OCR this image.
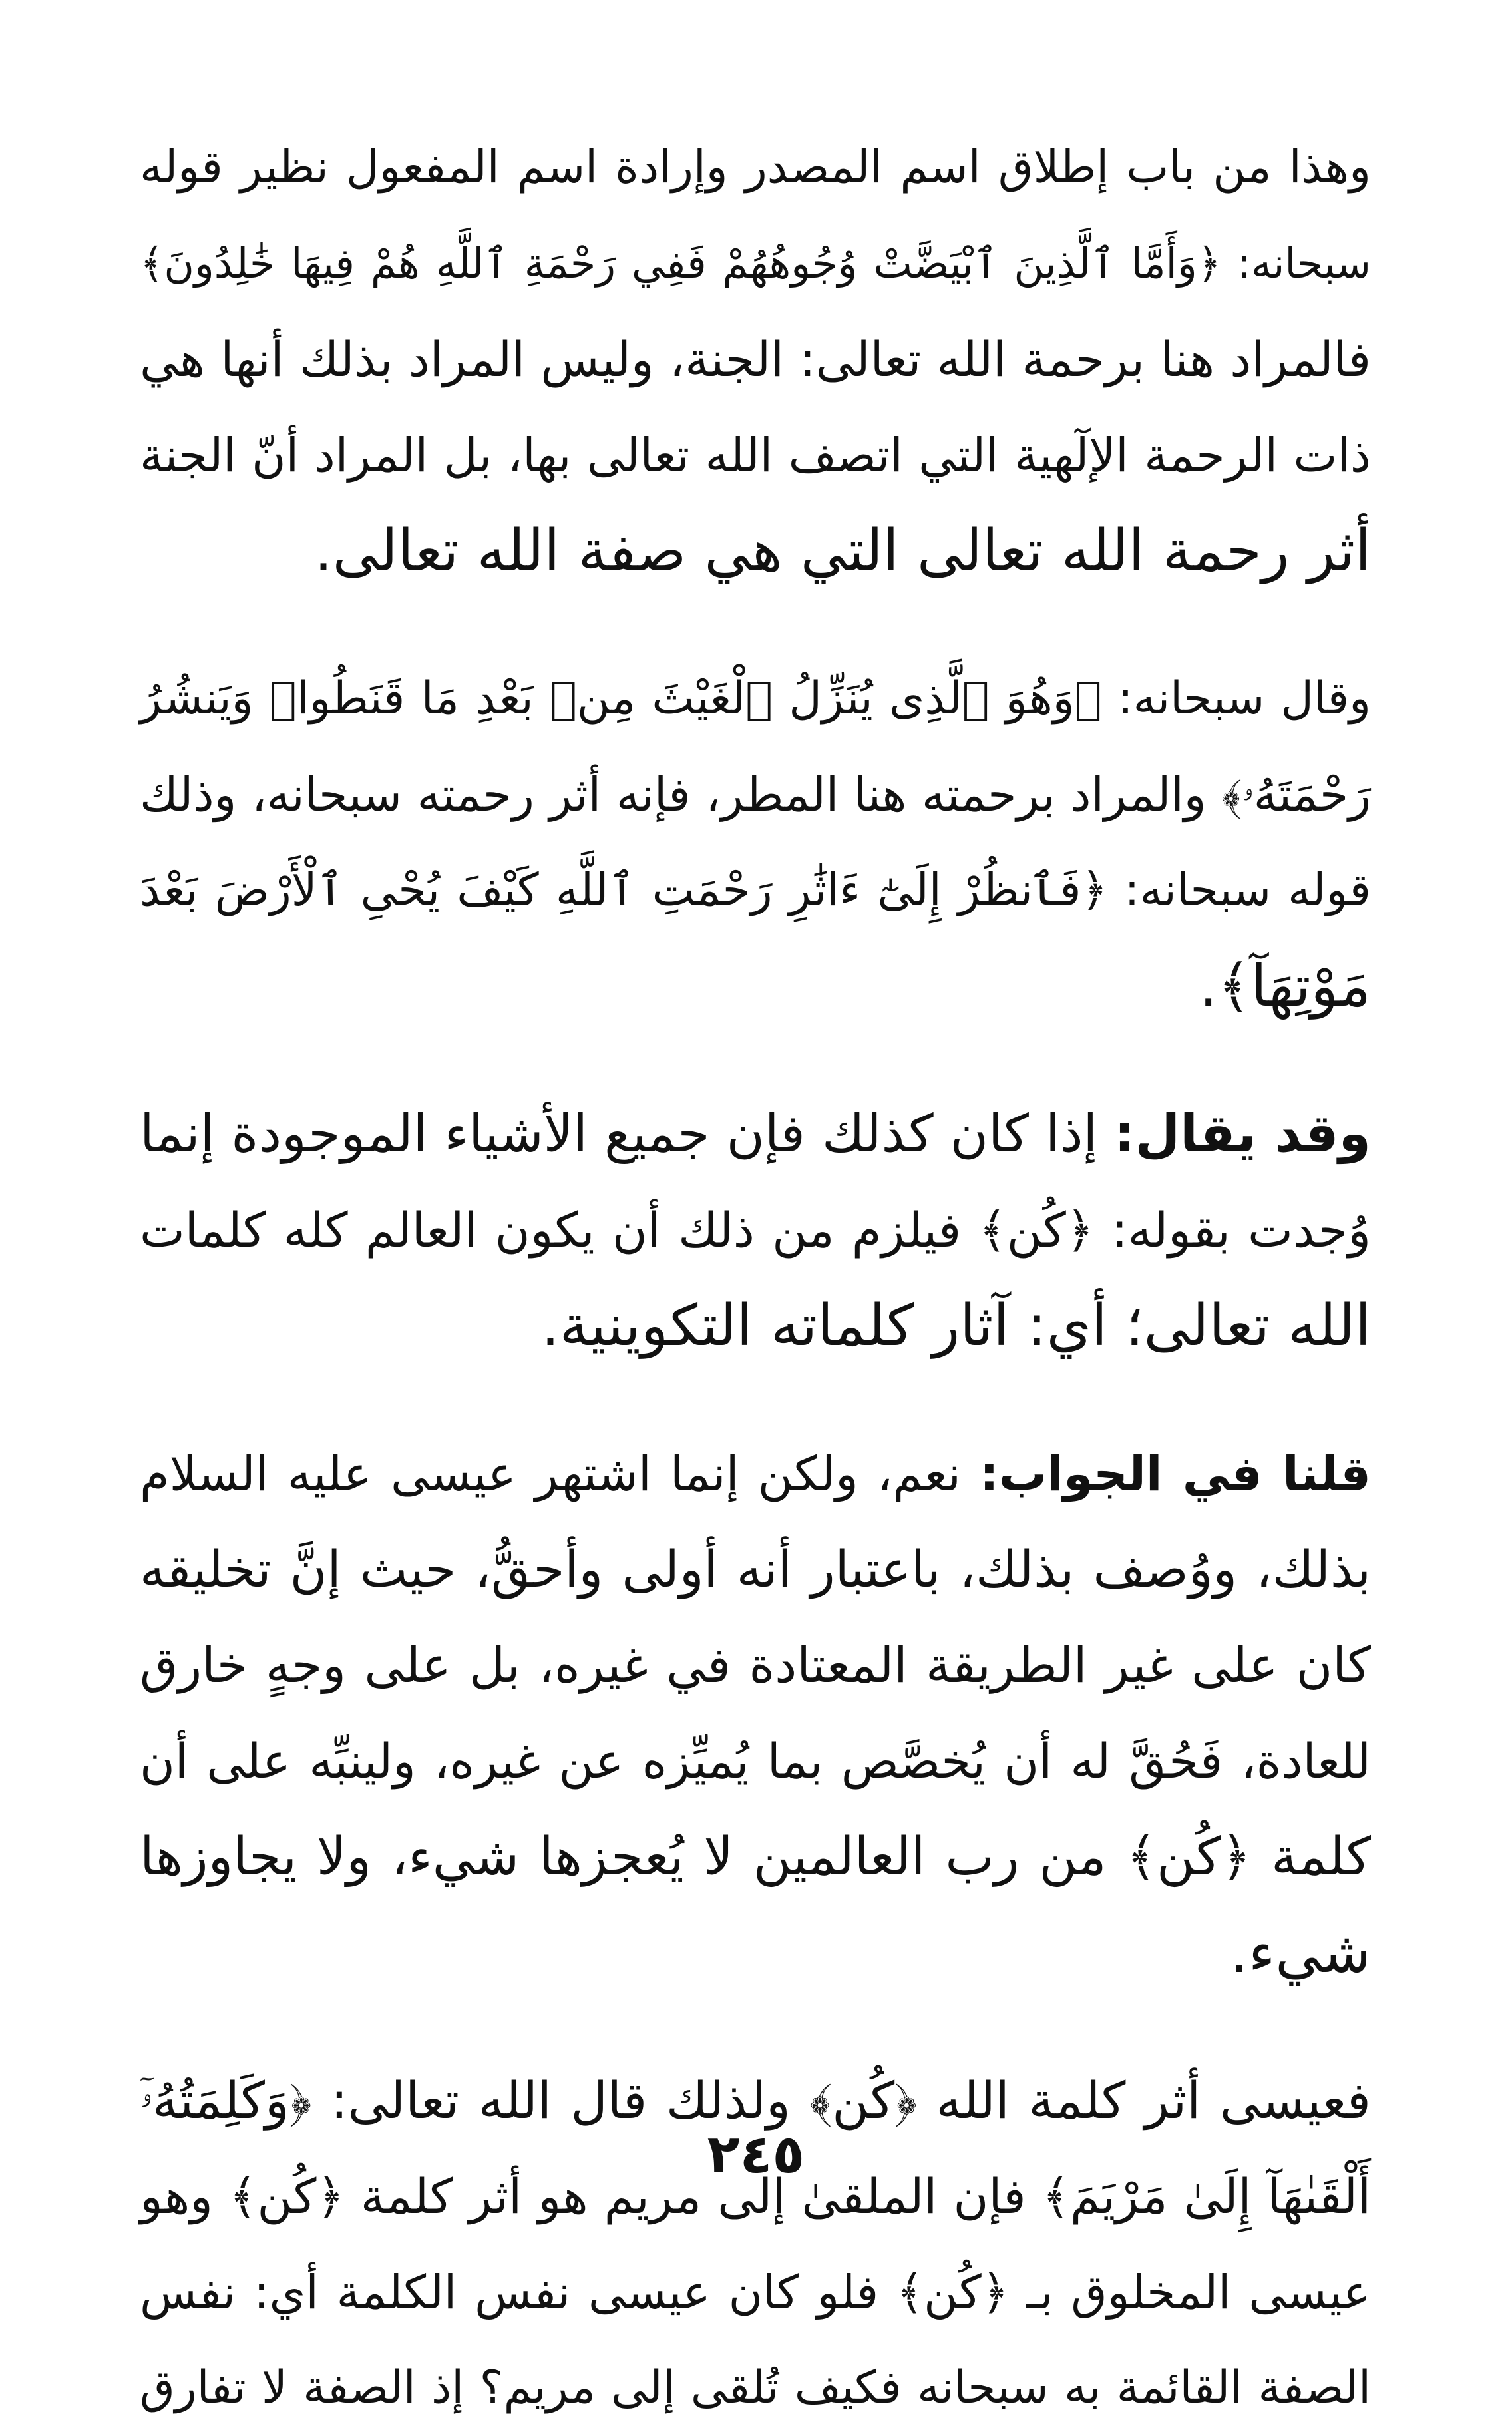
وهذا من باب إطلاق اسم المصدر وإرادة اسم المفعول نظير قوله
سبحانه: ﴿وَأَمَّا ٱلَّذِينَ ٱبْيَضَّتْ وُجُوهُهُمْ فَفِي رَحْمَةِ ٱللَّهِ هُمْ فِيهَا خَٰلِدُونَ﴾
فالمراد هنا برحمة الله تعالى: الجنة، وليس المراد بذلك أنها هي
ذات الرحمة الإلٓهية التي اتصف الله تعالى بها، بل المراد أنّ الجنة
أثر رحمة الله تعالى التي هي صفة الله تعالى.
وقال سبحانه: ﴿وَهُوَ ٱلَّذِى يُنَزِّلُ ٱلْغَيْثَ مِنۢ بَعْدِ مَا قَنَطُوا۟ وَيَنشُرُ
رَحْمَتَهُۥ﴾ والمراد برحمته هنا المطر، فإنه أثر رحمته سبحانه، وذلك
قوله سبحانه: ﴿فَٱنظُرْ إِلَىٰٓ ءَاثَٰرِ رَحْمَتِ ٱللَّهِ كَيْفَ يُحْىِ ٱلْأَرْضَ بَعْدَ
مَوْتِهَآ﴾.
وقد يقال: إذا كان كذلك فإن جميع الأشياء الموجودة إنما
وُجدت بقوله: ﴿كُن﴾ فيلزم من ذلك أن يكون العالم كله كلمات
الله تعالى؛ أي: آثار كلماته التكوينية.
قلنا في الجواب: نعم، ولكن إنما اشتهر عيسى عليه السلام
بذلك، ووُصف بذلك، باعتبار أنه أولى وأحقُّ، حيث إنَّ تخليقه
كان على غير الطريقة المعتادة في غيره، بل على وجهٍ خارق
للعادة، فَحُقَّ له أن يُخصَّص بما يُميِّزه عن غيره، ولينبِّه على أن
كلمة ﴿كُن﴾ من رب العالمين لا يُعجزها شيء، ولا يجاوزها
شيء.
فعيسى أثر كلمة الله ﴿كُن﴾ ولذلك قال الله تعالى: ﴿وَكَلِمَتُهُۥٓ
أَلْقَىٰهَآ إِلَىٰ مَرْيَمَ﴾ فإن الملقىٰ إلى مريم هو أثر كلمة ﴿كُن﴾ وهو
عيسى المخلوق بـ ﴿كُن﴾ فلو كان عيسى نفس الكلمة أي: نفس
الصفة القائمة به سبحانه فكيف تُلقى إلى مريم؟ إذ الصفة لا تفارق
٢٤٥
